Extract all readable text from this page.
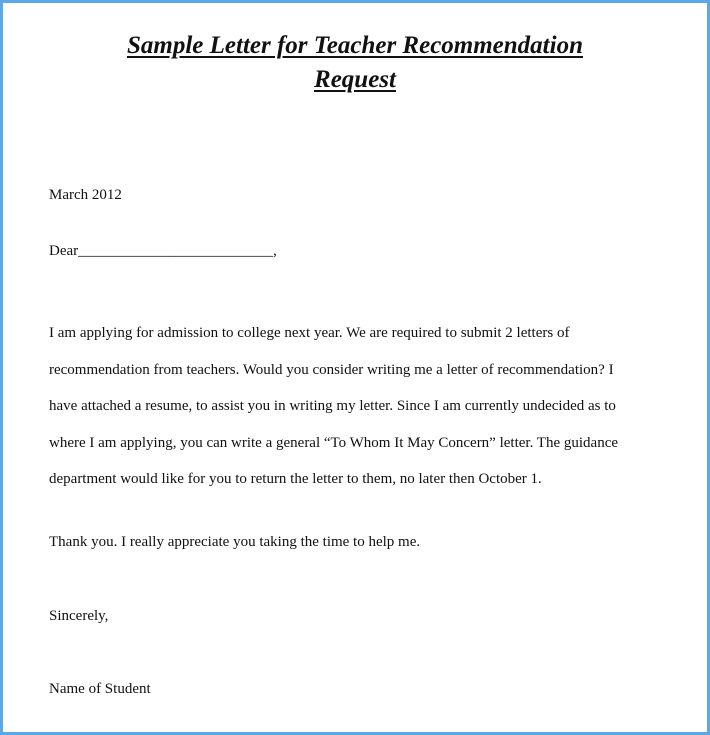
Sample Letter for Teacher Recommendation
Request
March 2012
Dear__________________________,
I am applying for admission to college next year. We are required to submit 2 letters of
recommendation from teachers. Would you consider writing me a letter of recommendation? I
have attached a resume, to assist you in writing my letter. Since I am currently undecided as to
where I am applying, you can write a general “To Whom It May Concern” letter. The guidance
department would like for you to return the letter to them, no later then October 1.
Thank you. I really appreciate you taking the time to help me.
Sincerely,
Name of Student
